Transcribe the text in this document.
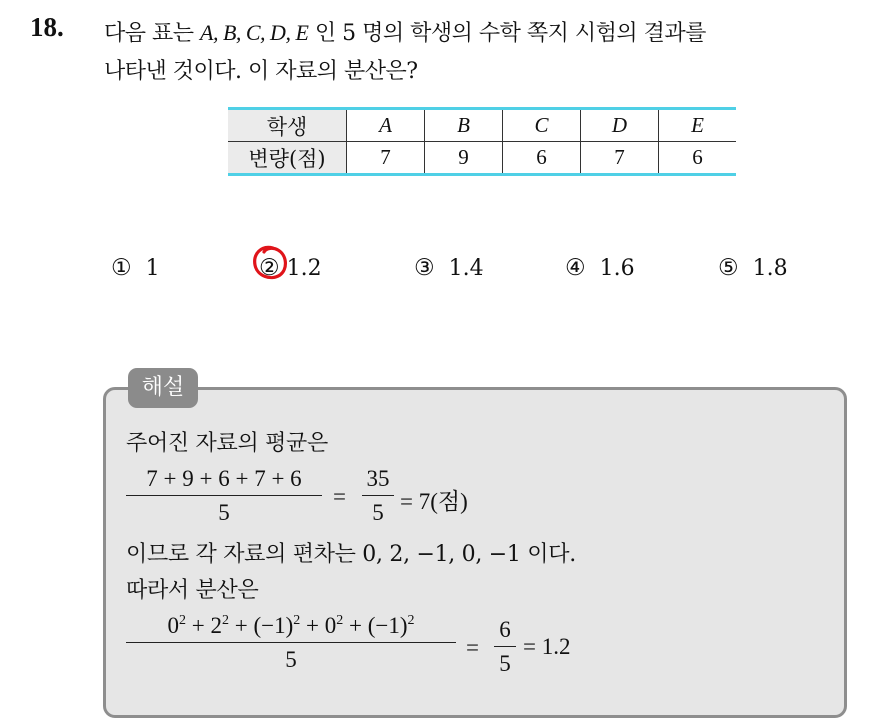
18. 다음 표는 A, B, C, D, E 인 5 명의 학생의 수학 쪽지 시험의 결과를
나타낸 것이다. 이 자료의 분산은?
학생	A	B	C	D	E
변량(점)	7	9	6	7	6
① 1	② 1.2	③ 1.4	④ 1.6	⑤ 1.8
해설
주어진 자료의 평균은
7 + 9 + 6 + 7 + 6
5
=
35
5 = 7(점)
이므로 각 자료의 편차는 0, 2, −1, 0, −1 이다.
따라서 분산은
$0^2 + 2^2 + (-1)^2 + 0^2 + (-1)^2$
5	=
6
5
= 1.2
